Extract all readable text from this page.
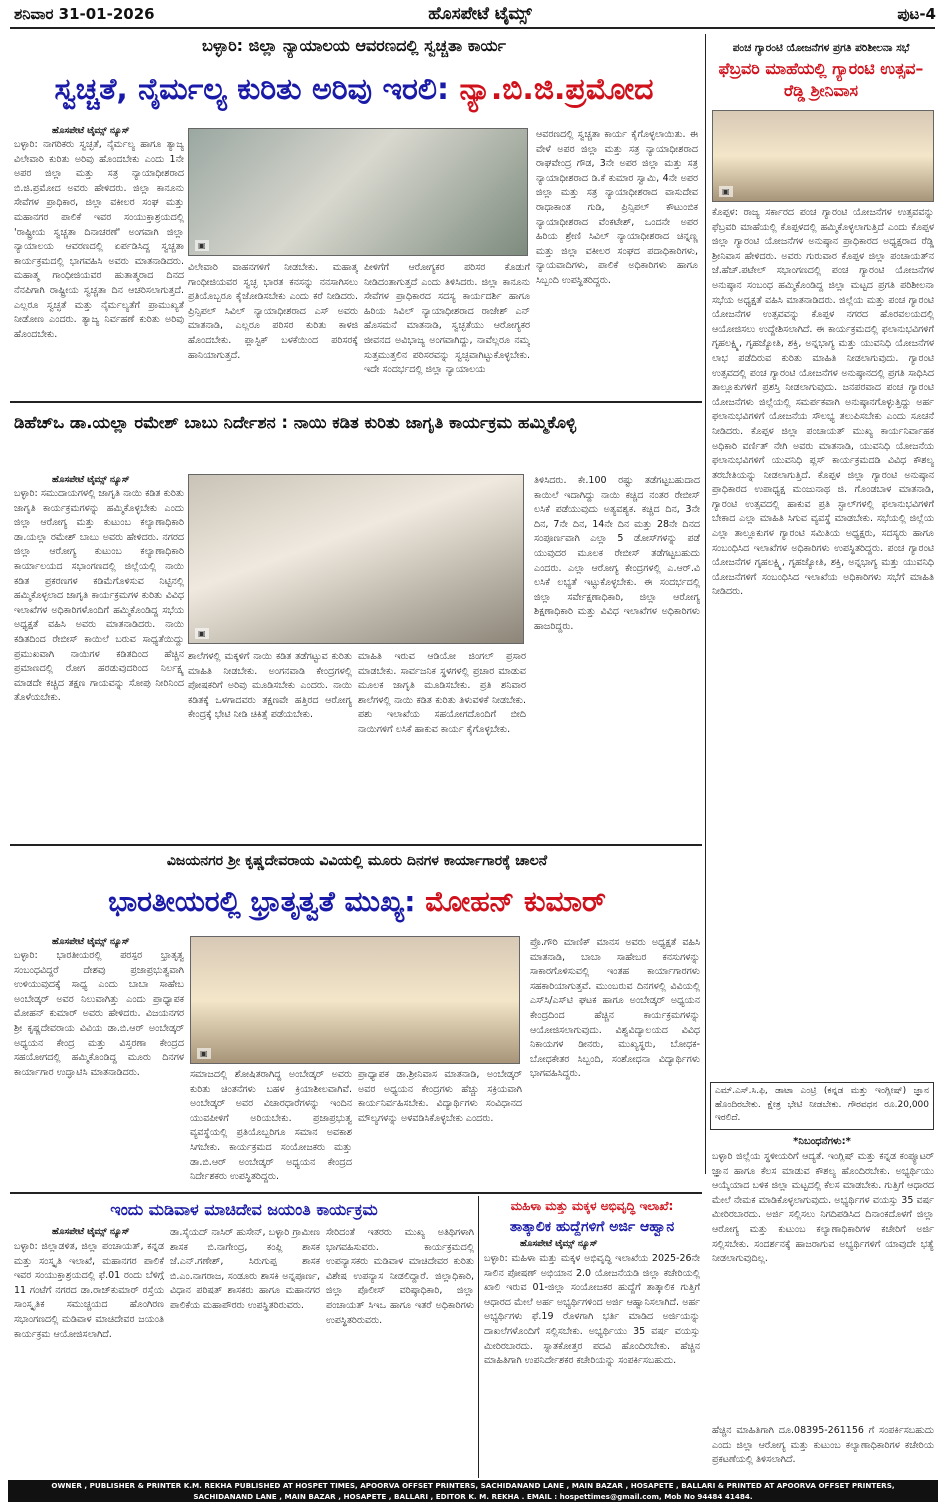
ಶನಿವಾರ 31-01-2026	ಹೊಸಪೇಟೆ ಟೈಮ್ಸ್	ಪುಟ-4
ಬಳ್ಳಾರಿ: ಜಿಲ್ಲಾ ನ್ಯಾಯಾಲಯ ಆವರಣದಲ್ಲಿ ಸ್ವಚ್ಚತಾ ಕಾರ್ಯ
ಸ್ವಚ್ಚತೆ, ನೈರ್ಮಲ್ಯ ಕುರಿತು ಅರಿವು ಇರಲಿ: ನ್ಯಾ.ಬಿ.ಜಿ.ಪ್ರಮೋದ
ಹೊಸಪೇಟೆ ಟೈಮ್ಸ್ ನ್ಯೂಸ್
ಬಳ್ಳಾರಿ: ನಾಗರಿಕರು ಸ್ವಚ್ಛತೆ, ನೈರ್ಮಲ್ಯ ಹಾಗೂ ತ್ಯಾಜ್ಯ ವಿಲೇವಾರಿ ಕುರಿತು ಅರಿವು ಹೊಂದಬೇಕು ಎಂದು 1ನೇ ಅಪರ ಜಿಲ್ಲಾ ಮತ್ತು ಸತ್ರ ನ್ಯಾಯಾಧೀಶರಾದ ಬಿ.ಜಿ.ಪ್ರಮೋದ ಅವರು ಹೇಳಿದರು. ಜಿಲ್ಲಾ ಕಾನೂನು ಸೇವೆಗಳ ಪ್ರಾಧಿಕಾರ, ಜಿಲ್ಲಾ ವಕೀಲರ ಸಂಘ ಮತ್ತು ಮಹಾನಗರ ಪಾಲಿಕೆ ಇವರ ಸಂಯುಕ್ತಾಶ್ರಯದಲ್ಲಿ 'ರಾಷ್ಟ್ರೀಯ ಸ್ವಚ್ಚತಾ ದಿನಾಚರಣೆ' ಅಂಗವಾಗಿ ಜಿಲ್ಲಾ ನ್ಯಾಯಾಲಯ ಆವರಣದಲ್ಲಿ ಏರ್ಪಡಿಸಿದ್ದ ಸ್ವಚ್ಚತಾ ಕಾರ್ಯಕ್ರಮದಲ್ಲಿ ಭಾಗವಹಿಸಿ ಅವರು ಮಾತನಾಡಿದರು. ಮಹಾತ್ಮ ಗಾಂಧೀಜಿಯವರ ಹುತಾತ್ಮರಾದ ದಿನದ ನೆನಪಿಗಾಗಿ ರಾಷ್ಟ್ರೀಯ ಸ್ವಚ್ಚತಾ ದಿನ ಆಚರಿಸಲಾಗುತ್ತದೆ. ಎಲ್ಲರೂ ಸ್ವಚ್ಛತೆ ಮತ್ತು ನೈರ್ಮಲ್ಯತೆಗೆ ಪ್ರಾಮುಖ್ಯತೆ ನೀಡೋಣ ಎಂದರು. ತ್ಯಾಜ್ಯ ನಿರ್ವಹಣೆ ಕುರಿತು ಅರಿವು ಹೊಂದಬೇಕು.
▣
ವಿಲೇವಾರಿ ವಾಹನಗಳಿಗೆ ನೀಡಬೇಕು. ಮಹಾತ್ಮ ಗಾಂಧೀಜಿಯವರ ಸ್ವಚ್ಛ ಭಾರತ ಕನಸನ್ನು ನನಸಾಗಿಸಲು ಪ್ರತಿಯೊಬ್ಬರೂ ಕೈಜೋಡಿಸಬೇಕು ಎಂದು ಕರೆ ನೀಡಿದರು. ಪ್ರಿನ್ಸಿಪಲ್ ಸಿವಿಲ್ ನ್ಯಾಯಾಧೀಶರಾದ ಎಸ್ ಅವರು ಮಾತನಾಡಿ, ಎಲ್ಲರೂ ಪರಿಸರ ಕುರಿತು ಕಾಳಜಿ ಹೊಂದಬೇಕು. ಪ್ಲಾಸ್ಟಿಕ್ ಬಳಕೆಯಿಂದ ಪರಿಸರಕ್ಕೆ ಹಾನಿಯಾಗುತ್ತದೆ.
ಪೀಳಿಗೆಗೆ ಆರೋಗ್ಯಕರ ಪರಿಸರ ಕೊಡುಗೆ ನೀಡಿದಂತಾಗುತ್ತದೆ ಎಂದು ತಿಳಿಸಿದರು. ಜಿಲ್ಲಾ ಕಾನೂನು ಸೇವೆಗಳ ಪ್ರಾಧಿಕಾರದ ಸದಸ್ಯ ಕಾರ್ಯದರ್ಶಿ ಹಾಗೂ ಹಿರಿಯ ಸಿವಿಲ್ ನ್ಯಾಯಾಧೀಶರಾದ ರಾಜೇಶ್ ಎನ್ ಹೊಸಮನೆ ಮಾತನಾಡಿ, ಸ್ವಚ್ಛತೆಯು ಆರೋಗ್ಯಕರ ಜೀವನದ ಅವಿಭಾಜ್ಯ ಅಂಗವಾಗಿದ್ದು, ನಾವೆಲ್ಲರೂ ನಮ್ಮ ಸುತ್ತಮುತ್ತಲಿನ ಪರಿಸರವನ್ನು ಸ್ವಚ್ಛವಾಗಿಟ್ಟುಕೊಳ್ಳಬೇಕು. ಇದೇ ಸಂದರ್ಭದಲ್ಲಿ ಜಿಲ್ಲಾ ನ್ಯಾಯಾಲಯ
ಆವರಣದಲ್ಲಿ ಸ್ವಚ್ಚತಾ ಕಾರ್ಯ ಕೈಗೊಳ್ಳಲಾಯಿತು. ಈ ವೇಳೆ ಅಪರ ಜಿಲ್ಲಾ ಮತ್ತು ಸತ್ರ ನ್ಯಾಯಾಧೀಶರಾದ ರಾಘವೇಂದ್ರ ಗೌಡ, 3ನೇ ಅಪರ ಜಿಲ್ಲಾ ಮತ್ತು ಸತ್ರ ನ್ಯಾಯಾಧೀಶರಾದ ಡಿ.ಕೆ ಕುಮಾರ ಸ್ವಾಮಿ, 4ನೇ ಅಪರ ಜಿಲ್ಲಾ ಮತ್ತು ಸತ್ರ ನ್ಯಾಯಾಧೀಶರಾದ ವಾಸುದೇವ ರಾಧಾಕಾಂತ ಗುಡಿ, ಪ್ರಿನ್ಸಿಪಲ್ ಕೌಟುಂಬಿಕ ನ್ಯಾಯಾಧೀಶರಾದ ವೆಂಕಟೇಶ್, ಒಂದನೇ ಅಪರ ಹಿರಿಯ ಶ್ರೇಣಿ ಸಿವಿಲ್ ನ್ಯಾಯಾಧೀಶರಾದ ಚಿನ್ನಣ್ಣ ಮತ್ತು ಜಿಲ್ಲಾ ವಕೀಲರ ಸಂಘದ ಪದಾಧಿಕಾರಿಗಳು, ನ್ಯಾಯವಾದಿಗಳು, ಪಾಲಿಕೆ ಅಧಿಕಾರಿಗಳು ಹಾಗೂ ಸಿಬ್ಬಂದಿ ಉಪಸ್ಥಿತರಿದ್ದರು.
ಪಂಚ ಗ್ಯಾರಂಟಿ ಯೋಜನೆಗಳ ಪ್ರಗತಿ ಪರಿಶೀಲನಾ ಸಭೆ
ಫೆಬ್ರವರಿ ಮಾಹೆಯಲ್ಲಿ ಗ್ಯಾರಂಟಿ ಉತ್ಸವ– ರೆಡ್ಡಿ ಶ್ರೀನಿವಾಸ
▣
ಕೊಪ್ಪಳ: ರಾಜ್ಯ ಸರ್ಕಾರದ ಪಂಚ ಗ್ಯಾರಂಟಿ ಯೋಜನೆಗಳ ಉತ್ಸವವನ್ನು ಫೆಬ್ರವರಿ ಮಾಹೆಯಲ್ಲಿ ಕೊಪ್ಪಳದಲ್ಲಿ ಹಮ್ಮಿಕೊಳ್ಳಲಾಗುತ್ತಿದೆ ಎಂದು ಕೊಪ್ಪಳ ಜಿಲ್ಲಾ ಗ್ಯಾರಂಟಿ ಯೋಜನೆಗಳ ಅನುಷ್ಠಾನ ಪ್ರಾಧಿಕಾರದ ಅಧ್ಯಕ್ಷರಾದ ರೆಡ್ಡಿ ಶ್ರೀನಿವಾಸ ಹೇಳಿದರು. ಅವರು ಗುರುವಾರ ಕೊಪ್ಪಳ ಜಿಲ್ಲಾ ಪಂಚಾಯತ್‌ನ ಜೆ.ಹೆಚ್.ಪಟೇಲ್ ಸಭಾಂಗಣದಲ್ಲಿ ಪಂಚ ಗ್ಯಾರಂಟಿ ಯೋಜನೆಗಳ ಅನುಷ್ಠಾನ ಸಂಬಂಧ ಹಮ್ಮಿಕೊಂಡಿದ್ದ ಜಿಲ್ಲಾ ಮಟ್ಟದ ಪ್ರಗತಿ ಪರಿಶೀಲನಾ ಸಭೆಯ ಅಧ್ಯಕ್ಷತೆ ವಹಿಸಿ ಮಾತನಾಡಿದರು. ಜಿಲ್ಲೆಯ ಮತ್ತು ಪಂಚ ಗ್ಯಾರಂಟಿ ಯೋಜನೆಗಳ ಉತ್ಸವವನ್ನು ಕೊಪ್ಪಳ ನಗರದ ಹೊರವಲಯದಲ್ಲಿ ಆಯೋಜಿಸಲು ಉದ್ದೇಶಿಸಲಾಗಿದೆ. ಈ ಕಾರ್ಯಕ್ರಮದಲ್ಲಿ ಫಲಾನುಭವಿಗಳಿಗೆ ಗೃಹಲಕ್ಷ್ಮಿ, ಗೃಹಜ್ಯೋತಿ, ಶಕ್ತಿ, ಅನ್ನಭಾಗ್ಯ ಮತ್ತು ಯುವನಿಧಿ ಯೋಜನೆಗಳ ಲಾಭ ಪಡೆದಿರುವ ಕುರಿತು ಮಾಹಿತಿ ನೀಡಲಾಗುವುದು. ಗ್ಯಾರಂಟಿ ಉತ್ಸವದಲ್ಲಿ ಪಂಚ ಗ್ಯಾರಂಟಿ ಯೋಜನೆಗಳ ಅನುಷ್ಠಾನದಲ್ಲಿ ಪ್ರಗತಿ ಸಾಧಿಸಿದ ತಾಲ್ಲೂಕುಗಳಿಗೆ ಪ್ರಶಸ್ತಿ ನೀಡಲಾಗುವುದು. ಜನಪರವಾದ ಪಂಚ ಗ್ಯಾರಂಟಿ ಯೋಜನೆಗಳು ಜಿಲ್ಲೆಯಲ್ಲಿ ಸಮರ್ಪಕವಾಗಿ ಅನುಷ್ಠಾನಗೊಳ್ಳುತ್ತಿದ್ದು ಅರ್ಹ ಫಲಾನುಭವಿಗಳಿಗೆ ಯೋಜನೆಯ ಸೌಲಭ್ಯ ತಲುಪಿಸಬೇಕು ಎಂದು ಸೂಚನೆ ನೀಡಿದರು. ಕೊಪ್ಪಳ ಜಿಲ್ಲಾ ಪಂಚಾಯತ್ ಮುಖ್ಯ ಕಾರ್ಯನಿರ್ವಾಹಕ ಅಧಿಕಾರಿ ವರ್ಣಿತ್ ನೇಗಿ ಅವರು ಮಾತನಾಡಿ, ಯುವನಿಧಿ ಯೋಜನೆಯ ಫಲಾನುಭವಿಗಳಿಗೆ ಯುವನಿಧಿ ಪ್ಲಸ್ ಕಾರ್ಯಕ್ರಮದಡಿ ವಿವಿಧ ಕೌಶಲ್ಯ ತರಬೇತಿಯನ್ನು ನೀಡಲಾಗುತ್ತಿದೆ. ಕೊಪ್ಪಳ ಜಿಲ್ಲಾ ಗ್ಯಾರಂಟಿ ಅನುಷ್ಠಾನ ಪ್ರಾಧಿಕಾರದ ಉಪಾಧ್ಯಕ್ಷ ಮಂಜುನಾಥ ಜಿ. ಗೊಂಡಬಾಳ ಮಾತನಾಡಿ, ಗ್ಯಾರಂಟಿ ಉತ್ಸವದಲ್ಲಿ ಹಾಕುವ ಪ್ರತಿ ಸ್ಟಾಲ್‌ಗಳಲ್ಲಿ ಫಲಾನುಭವಿಗಳಿಗೆ ಬೇಕಾದ ಎಲ್ಲಾ ಮಾಹಿತಿ ಸಿಗುವ ವ್ಯವಸ್ಥೆ ಮಾಡಬೇಕು. ಸಭೆಯಲ್ಲಿ ಜಿಲ್ಲೆಯ ಎಲ್ಲಾ ತಾಲ್ಲೂಕುಗಳ ಗ್ಯಾರಂಟಿ ಸಮಿತಿಯ ಅಧ್ಯಕ್ಷರು, ಸದಸ್ಯರು ಹಾಗೂ ಸಂಬಂಧಿಸಿದ ಇಲಾಖೆಗಳ ಅಧಿಕಾರಿಗಳು ಉಪಸ್ಥಿತರಿದ್ದರು. ಪಂಚ ಗ್ಯಾರಂಟಿ ಯೋಜನೆಗಳ ಗೃಹಲಕ್ಷ್ಮಿ, ಗೃಹಜ್ಯೋತಿ, ಶಕ್ತಿ, ಅನ್ನಭಾಗ್ಯ ಮತ್ತು ಯುವನಿಧಿ ಯೋಜನೆಗಳಿಗೆ ಸಂಬಂಧಿಸಿದ ಇಲಾಖೆಯ ಅಧಿಕಾರಿಗಳು ಸಭೆಗೆ ಮಾಹಿತಿ ನೀಡಿದರು.
ಡಿಹೆಚ್ಒ ಡಾ.ಯಲ್ಲಾ ರಮೇಶ್ ಬಾಬು ನಿರ್ದೇಶನ : ನಾಯಿ ಕಡಿತ ಕುರಿತು ಜಾಗೃತಿ ಕಾರ್ಯಕ್ರಮ ಹಮ್ಮಿಕೊಳ್ಳಿ
ಹೊಸಪೇಟೆ ಟೈಮ್ಸ್ ನ್ಯೂಸ್
ಬಳ್ಳಾರಿ: ಸಮುದಾಯಗಳಲ್ಲಿ ಜಾಗೃತಿ ನಾಯಿ ಕಡಿತ ಕುರಿತು ಜಾಗೃತಿ ಕಾರ್ಯಕ್ರಮಗಳನ್ನು ಹಮ್ಮಿಕೊಳ್ಳಬೇಕು ಎಂದು ಜಿಲ್ಲಾ ಆರೋಗ್ಯ ಮತ್ತು ಕುಟುಂಬ ಕಲ್ಯಾಣಾಧಿಕಾರಿ ಡಾ.ಯಲ್ಲಾ ರಮೇಶ್ ಬಾಬು ಅವರು ಹೇಳಿದರು. ನಗರದ ಜಿಲ್ಲಾ ಆರೋಗ್ಯ ಕುಟುಂಬ ಕಲ್ಯಾಣಾಧಿಕಾರಿ ಕಾರ್ಯಾಲಯದ ಸಭಾಂಗಣದಲ್ಲಿ ಜಿಲ್ಲೆಯಲ್ಲಿ ನಾಯಿ ಕಡಿತ ಪ್ರಕರಣಗಳ ಕಡಿಮೆಗೊಳಿಸುವ ನಿಟ್ಟಿನಲ್ಲಿ ಹಮ್ಮಿಕೊಳ್ಳಲಾದ ಜಾಗೃತಿ ಕಾರ್ಯಕ್ರಮಗಳ ಕುರಿತು ವಿವಿಧ ಇಲಾಖೆಗಳ ಅಧಿಕಾರಿಗಳೊಂದಿಗೆ ಹಮ್ಮಿಕೊಂಡಿದ್ದ ಸಭೆಯ ಅಧ್ಯಕ್ಷತೆ ವಹಿಸಿ ಅವರು ಮಾತನಾಡಿದರು. ನಾಯಿ ಕಡಿತದಿಂದ ರೇಬೀಸ್ ಕಾಯಿಲೆ ಬರುವ ಸಾಧ್ಯತೆಯಿದ್ದು ಪ್ರಮುಖವಾಗಿ ನಾಯಿಗಳ ಕಡಿತದಿಂದ ಹೆಚ್ಚಿನ ಪ್ರಮಾಣದಲ್ಲಿ ರೋಗ ಹರಡುವುದರಿಂದ ನಿರ್ಲಕ್ಷ್ಯ ಮಾಡದೇ ಕಚ್ಚಿದ ತಕ್ಷಣ ಗಾಯವನ್ನು ಸೋಪು ನೀರಿನಿಂದ ತೊಳೆಯಬೇಕು.
▣
ಶಾಲೆಗಳಲ್ಲಿ ಮಕ್ಕಳಿಗೆ ನಾಯಿ ಕಡಿತ ತಡೆಗಟ್ಟುವ ಕುರಿತು ಮಾಹಿತಿ ನೀಡಬೇಕು. ಅಂಗನವಾಡಿ ಕೇಂದ್ರಗಳಲ್ಲಿ ಪೋಷಕರಿಗೆ ಅರಿವು ಮೂಡಿಸಬೇಕು ಎಂದರು. ನಾಯಿ ಕಡಿತಕ್ಕೆ ಒಳಗಾದವರು ತಕ್ಷಣವೇ ಹತ್ತಿರದ ಆರೋಗ್ಯ ಕೇಂದ್ರಕ್ಕೆ ಭೇಟಿ ನೀಡಿ ಚಿಕಿತ್ಸೆ ಪಡೆಯಬೇಕು.
ಮಾಹಿತಿ ಇರುವ ಆಡಿಯೋ ಜಿಂಗಲ್ ಪ್ರಸಾರ ಮಾಡಬೇಕು. ಸಾರ್ವಜನಿಕ ಸ್ಥಳಗಳಲ್ಲಿ ಪ್ರಚಾರ ಮಾಡುವ ಮೂಲಕ ಜಾಗೃತಿ ಮೂಡಿಸಬೇಕು. ಪ್ರತಿ ಶನಿವಾರ ಶಾಲೆಗಳಲ್ಲಿ ನಾಯಿ ಕಡಿತ ಕುರಿತು ತಿಳುವಳಿಕೆ ನೀಡಬೇಕು. ಪಶು ಇಲಾಖೆಯ ಸಹಯೋಗದೊಂದಿಗೆ ಬೀದಿ ನಾಯಿಗಳಿಗೆ ಲಸಿಕೆ ಹಾಕುವ ಕಾರ್ಯ ಕೈಗೊಳ್ಳಬೇಕು.
ತಿಳಿಸಿದರು. ಕೇ.100 ರಷ್ಟು ತಡೆಗಟ್ಟಬಹುದಾದ ಕಾಯಿಲೆ ಇದಾಗಿದ್ದು ನಾಯಿ ಕಚ್ಚಿದ ನಂತರ ರೇಬೀಸ್ ಲಸಿಕೆ ಪಡೆಯುವುದು ಅತ್ಯವಶ್ಯಕ. ಕಚ್ಚಿದ ದಿನ, 3ನೇ ದಿನ, 7ನೇ ದಿನ, 14ನೇ ದಿನ ಮತ್ತು 28ನೇ ದಿನದ ಸಂಪೂರ್ಣವಾಗಿ ಎಲ್ಲಾ 5 ಡೋಸ್‌ಗಳನ್ನು ಪಡೆ ಯುವುದರ ಮೂಲಕ ರೇಬೀಸ್ ತಡೆಗಟ್ಟಬಹುದು ಎಂದರು. ಎಲ್ಲಾ ಆರೋಗ್ಯ ಕೇಂದ್ರಗಳಲ್ಲಿ ಎ.ಆರ್.ವಿ ಲಸಿಕೆ ಲಭ್ಯತೆ ಇಟ್ಟುಕೊಳ್ಳಬೇಕು. ಈ ಸಂದರ್ಭದಲ್ಲಿ ಜಿಲ್ಲಾ ಸರ್ವೇಕ್ಷಣಾಧಿಕಾರಿ, ಜಿಲ್ಲಾ ಆರೋಗ್ಯ ಶಿಕ್ಷಣಾಧಿಕಾರಿ ಮತ್ತು ವಿವಿಧ ಇಲಾಖೆಗಳ ಅಧಿಕಾರಿಗಳು ಹಾಜರಿದ್ದರು.
ವಿಜಯನಗರ ಶ್ರೀ ಕೃಷ್ಣದೇವರಾಯ ವಿವಿಯಲ್ಲಿ ಮೂರು ದಿನಗಳ ಕಾರ್ಯಾಗಾರಕ್ಕೆ ಚಾಲನೆ
ಭಾರತೀಯರಲ್ಲಿ ಭ್ರಾತೃತ್ವತೆ ಮುಖ್ಯ: ಮೋಹನ್ ಕುಮಾರ್
ಹೊಸಪೇಟೆ ಟೈಮ್ಸ್ ನ್ಯೂಸ್
ಬಳ್ಳಾರಿ: ಭಾರತೀಯರಲ್ಲಿ ಪರಸ್ಪರ ಭ್ರಾತೃತ್ವ ಸಂಬಂಧವಿದ್ದರೆ ದೇಶವು ಪ್ರಜಾಪ್ರಭುತ್ವವಾಗಿ ಉಳಿಯುವುದಕ್ಕೆ ಸಾಧ್ಯ ಎಂದು ಬಾಬಾ ಸಾಹೇಬ ಅಂಬೇಡ್ಕರ್ ಅವರ ನಿಲುವಾಗಿತ್ತು ಎಂದು ಪ್ರಾಧ್ಯಾಪಕ ಮೋಹನ್ ಕುಮಾರ್ ಅವರು ಹೇಳಿದರು. ವಿಜಯನಗರ ಶ್ರೀ ಕೃಷ್ಣದೇವರಾಯ ವಿವಿಯ ಡಾ.ಬಿ.ಆರ್ ಅಂಬೇಡ್ಕರ್ ಅಧ್ಯಯನ ಕೇಂದ್ರ ಮತ್ತು ವಿಸ್ತರಣಾ ಕೇಂದ್ರದ ಸಹಯೋಗದಲ್ಲಿ ಹಮ್ಮಿಕೊಂಡಿದ್ದ ಮೂರು ದಿನಗಳ ಕಾರ್ಯಾಗಾರ ಉದ್ಘಾಟಿಸಿ ಮಾತನಾಡಿದರು.
▣
ಸಮಾಜದಲ್ಲಿ ಶೋಷಿತರಾಗಿದ್ದ ಅಂಬೇಡ್ಕರ್ ಅವರು ಕುರಿತು ಚಿಂತನೆಗಳು ಬಹಳ ಕ್ರಿಯಾಶೀಲವಾಗಿವೆ. ಅಂಬೇಡ್ಕರ್ ಅವರ ವಿಚಾರಧಾರೆಗಳನ್ನು ಇಂದಿನ ಯುವಪೀಳಿಗೆ ಅರಿಯಬೇಕು. ಪ್ರಜಾಪ್ರಭುತ್ವ ವ್ಯವಸ್ಥೆಯಲ್ಲಿ ಪ್ರತಿಯೊಬ್ಬರಿಗೂ ಸಮಾನ ಅವಕಾಶ ಸಿಗಬೇಕು. ಕಾರ್ಯಕ್ರಮದ ಸಂಯೋಜಕರು ಮತ್ತು ಡಾ.ಬಿ.ಆರ್ ಅಂಬೇಡ್ಕರ್ ಅಧ್ಯಯನ ಕೇಂದ್ರದ ನಿರ್ದೇಶಕರು ಉಪಸ್ಥಿತರಿದ್ದರು.
ಪ್ರಾಧ್ಯಾಪಕ ಡಾ.ಶ್ರೀನಿವಾಸ ಮಾತನಾಡಿ, ಅಂಬೇಡ್ಕರ್ ಅವರ ಅಧ್ಯಯನ ಕೇಂದ್ರಗಳು ಹೆಚ್ಚು ಸಕ್ರಿಯವಾಗಿ ಕಾರ್ಯನಿರ್ವಹಿಸಬೇಕು. ವಿದ್ಯಾರ್ಥಿಗಳು ಸಂವಿಧಾನದ ಮೌಲ್ಯಗಳನ್ನು ಅಳವಡಿಸಿಕೊಳ್ಳಬೇಕು ಎಂದರು.
ಪ್ರೊ.ಗೌರಿ ಮಾಣಿಕ್ ಮಾನಸ ಅವರು ಅಧ್ಯಕ್ಷತೆ ವಹಿಸಿ ಮಾತನಾಡಿ, ಬಾಬಾ ಸಾಹೇಬರ ಕನಸುಗಳನ್ನು ಸಾಕಾರಗೊಳಿಸುವಲ್ಲಿ ಇಂತಹ ಕಾರ್ಯಾಗಾರಗಳು ಸಹಕಾರಿಯಾಗುತ್ತವೆ. ಮುಂಬರುವ ದಿನಗಳಲ್ಲಿ ವಿವಿಯಲ್ಲಿ ಎಸ್‌ಸಿ/ಎಸ್‌ಟಿ ಘಟಕ ಹಾಗೂ ಅಂಬೇಡ್ಕರ್ ಅಧ್ಯಯನ ಕೇಂದ್ರದಿಂದ ಹೆಚ್ಚಿನ ಕಾರ್ಯಕ್ರಮಗಳನ್ನು ಆಯೋಜಿಸಲಾಗುವುದು. ವಿಶ್ವವಿದ್ಯಾಲಯದ ವಿವಿಧ ನಿಕಾಯಗಳ ಡೀನರು, ಮುಖ್ಯಸ್ಥರು, ಬೋಧಕ-ಬೋಧಕೇತರ ಸಿಬ್ಬಂದಿ, ಸಂಶೋಧನಾ ವಿದ್ಯಾರ್ಥಿಗಳು ಭಾಗವಹಿಸಿದ್ದರು.
ಎಮ್.ಎಸ್.ಸಿ.ಫಿ, ಡಾಟಾ ಎಂಟ್ರಿ (ಕನ್ನಡ ಮತ್ತು ಇಂಗ್ಲೀಷ್) ಜ್ಞಾನ ಹೊಂದಿರಬೇಕು. ಕ್ಷೇತ್ರ ಭೇಟಿ ನೀಡಬೇಕು. ಗೌರವಧನ ರೂ.20,000 ಇರಲಿದೆ.
*ನಿಬಂಧನೆಗಳು:*
ಬಳ್ಳಾರಿ ಜಿಲ್ಲೆಯ ಸ್ಥಳೀಯರಿಗೆ ಆದ್ಯತೆ. ಇಂಗ್ಲಿಷ್ ಮತ್ತು ಕನ್ನಡ ಕಂಪ್ಯೂಟರ್ ಜ್ಞಾನ ಹಾಗೂ ಕೆಲಸ ಮಾಡುವ ಕೌಶಲ್ಯ ಹೊಂದಿರಬೇಕು. ಅಭ್ಯರ್ಥಿಯು ಆಯ್ಕೆಯಾದ ಬಳಿಕ ಜಿಲ್ಲಾ ಮಟ್ಟದಲ್ಲಿ ಕೆಲಸ ಮಾಡಬೇಕು. ಗುತ್ತಿಗೆ ಆಧಾರದ ಮೇಲೆ ನೇಮಕ ಮಾಡಿಕೊಳ್ಳಲಾಗುವುದು. ಅಭ್ಯರ್ಥಿಗಳ ವಯಸ್ಸು 35 ವರ್ಷ ಮೀರಿರಬಾರದು. ಅರ್ಜಿ ಸಲ್ಲಿಸಲು ನಿಗದಿಪಡಿಸಿದ ದಿನಾಂಕದೊಳಗೆ ಜಿಲ್ಲಾ ಆರೋಗ್ಯ ಮತ್ತು ಕುಟುಂಬ ಕಲ್ಯಾಣಾಧಿಕಾರಿಗಳ ಕಚೇರಿಗೆ ಅರ್ಜಿ ಸಲ್ಲಿಸಬೇಕು. ಸಂದರ್ಶನಕ್ಕೆ ಹಾಜರಾಗುವ ಅಭ್ಯರ್ಥಿಗಳಿಗೆ ಯಾವುದೇ ಭತ್ಯೆ ನೀಡಲಾಗುವುದಿಲ್ಲ.
ಹೆಚ್ಚಿನ ಮಾಹಿತಿಗಾಗಿ ದೂ.08395-261156 ಗೆ ಸಂಪರ್ಕಿಸಬಹುದು ಎಂದು ಜಿಲ್ಲಾ ಆರೋಗ್ಯ ಮತ್ತು ಕುಟುಂಬ ಕಲ್ಯಾಣಾಧಿಕಾರಿಗಳ ಕಚೇರಿಯ ಪ್ರಕಟಣೆಯಲ್ಲಿ ತಿಳಿಸಲಾಗಿದೆ.
ಇಂದು ಮಡಿವಾಳ ಮಾಚಿದೇವ ಜಯಂತಿ ಕಾರ್ಯಕ್ರಮ
ಹೊಸಪೇಟೆ ಟೈಮ್ಸ್ ನ್ಯೂಸ್
ಬಳ್ಳಾರಿ: ಜಿಲ್ಲಾಡಳಿತ, ಜಿಲ್ಲಾ ಪಂಚಾಯತ್, ಕನ್ನಡ ಮತ್ತು ಸಂಸ್ಕೃತಿ ಇಲಾಖೆ, ಮಹಾನಗರ ಪಾಲಿಕೆ ಇವರ ಸಂಯುಕ್ತಾಶ್ರಯದಲ್ಲಿ ಫೆ.01 ರಂದು ಬೆಳಿಗ್ಗೆ 11 ಗಂಟೆಗೆ ನಗರದ ಡಾ.ರಾಜ್‌ಕುಮಾರ್ ರಸ್ತೆಯ ಸಾಂಸ್ಕೃತಿಕ ಸಮುಚ್ಚಯದ ಹೊಂಗಿರಣ ಸಭಾಂಗಣದಲ್ಲಿ ಮಡಿವಾಳ ಮಾಚಿದೇವರ ಜಯಂತಿ ಕಾರ್ಯಕ್ರಮ ಆಯೋಜಿಸಲಾಗಿದೆ.
ಡಾ.ಸೈಯದ್ ನಾಸಿರ್ ಹುಸೇನ್, ಬಳ್ಳಾರಿ ಗ್ರಾಮೀಣ ಶಾಸಕ ಬಿ.ನಾಗೇಂದ್ರ, ಕಂಪ್ಲಿ ಶಾಸಕ ಜೆ.ಎನ್.ಗಣೇಶ್, ಸಿರುಗುಪ್ಪ ಶಾಸಕ ಬಿ.ಎಂ.ನಾಗರಾಜ, ಸಂಡೂರು ಶಾಸಕಿ ಅನ್ನಪೂರ್ಣ, ವಿಧಾನ ಪರಿಷತ್ ಶಾಸಕರು ಹಾಗೂ ಮಹಾನಗರ ಪಾಲಿಕೆಯ ಮಹಾಪೌರರು ಉಪಸ್ಥಿತರಿರುವರು.
ಸೇರಿದಂತೆ ಇತರರು ಮುಖ್ಯ ಅತಿಥಿಗಳಾಗಿ ಭಾಗವಹಿಸುವರು. ಕಾರ್ಯಕ್ರಮದಲ್ಲಿ ಉಪನ್ಯಾಸಕರು ಮಡಿವಾಳ ಮಾಚಿದೇವರ ಕುರಿತು ವಿಶೇಷ ಉಪನ್ಯಾಸ ನೀಡಲಿದ್ದಾರೆ. ಜಿಲ್ಲಾಧಿಕಾರಿ, ಜಿಲ್ಲಾ ಪೊಲೀಸ್ ವರಿಷ್ಠಾಧಿಕಾರಿ, ಜಿಲ್ಲಾ ಪಂಚಾಯತ್ ಸಿಇಒ ಹಾಗೂ ಇತರೆ ಅಧಿಕಾರಿಗಳು ಉಪಸ್ಥಿತರಿರುವರು.
ಮಹಿಳಾ ಮತ್ತು ಮಕ್ಕಳ ಅಭಿವೃದ್ಧಿ ಇಲಾಖೆ:
ತಾತ್ಕಾಲಿಕ ಹುದ್ದೆಗಳಿಗೆ ಅರ್ಜಿ ಆಹ್ವಾನ
ಹೊಸಪೇಟೆ ಟೈಮ್ಸ್ ನ್ಯೂಸ್
ಬಳ್ಳಾರಿ: ಮಹಿಳಾ ಮತ್ತು ಮಕ್ಕಳ ಅಭಿವೃದ್ಧಿ ಇಲಾಖೆಯ 2025-26ನೇ ಸಾಲಿನ ಪೋಷಣ್ ಅಭಿಯಾನ 2.0 ಯೋಜನೆಯಡಿ ಜಿಲ್ಲಾ ಕಚೇರಿಯಲ್ಲಿ ಖಾಲಿ ಇರುವ 01-ಜಿಲ್ಲಾ ಸಂಯೋಜಕರ ಹುದ್ದೆಗೆ ತಾತ್ಕಾಲಿಕ ಗುತ್ತಿಗೆ ಆಧಾರದ ಮೇಲೆ ಅರ್ಹ ಅಭ್ಯರ್ಥಿಗಳಿಂದ ಅರ್ಜಿ ಆಹ್ವಾನಿಸಲಾಗಿದೆ. ಅರ್ಹ ಅಭ್ಯರ್ಥಿಗಳು ಫೆ.19 ರೊಳಗಾಗಿ ಭರ್ತಿ ಮಾಡಿದ ಅರ್ಜಿಯನ್ನು ದಾಖಲೆಗಳೊಂದಿಗೆ ಸಲ್ಲಿಸಬೇಕು. ಅಭ್ಯರ್ಥಿಯು 35 ವರ್ಷ ವಯಸ್ಸು ಮೀರಿರಬಾರದು. ಸ್ನಾತಕೋತ್ತರ ಪದವಿ ಹೊಂದಿರಬೇಕು. ಹೆಚ್ಚಿನ ಮಾಹಿತಿಗಾಗಿ ಉಪನಿರ್ದೇಶಕರ ಕಚೇರಿಯನ್ನು ಸಂಪರ್ಕಿಸಬಹುದು.
OWNER , PUBLISHER & PRINTER K.M. REKHA PUBLISHED AT HOSPET TIMES, APOORVA OFFSET PRINTERS, SACHIDANAND LANE , MAIN BAZAR , HOSAPETE , BALLARI & PRINTED AT APOORVA OFFSET PRINTERS,
SACHIDANAND LANE , MAIN BAZAR , HOSAPETE , BALLARI , EDITOR K. M. REKHA . EMAIL : hospettimes@gmail.com, Mob No 94484 41484.
